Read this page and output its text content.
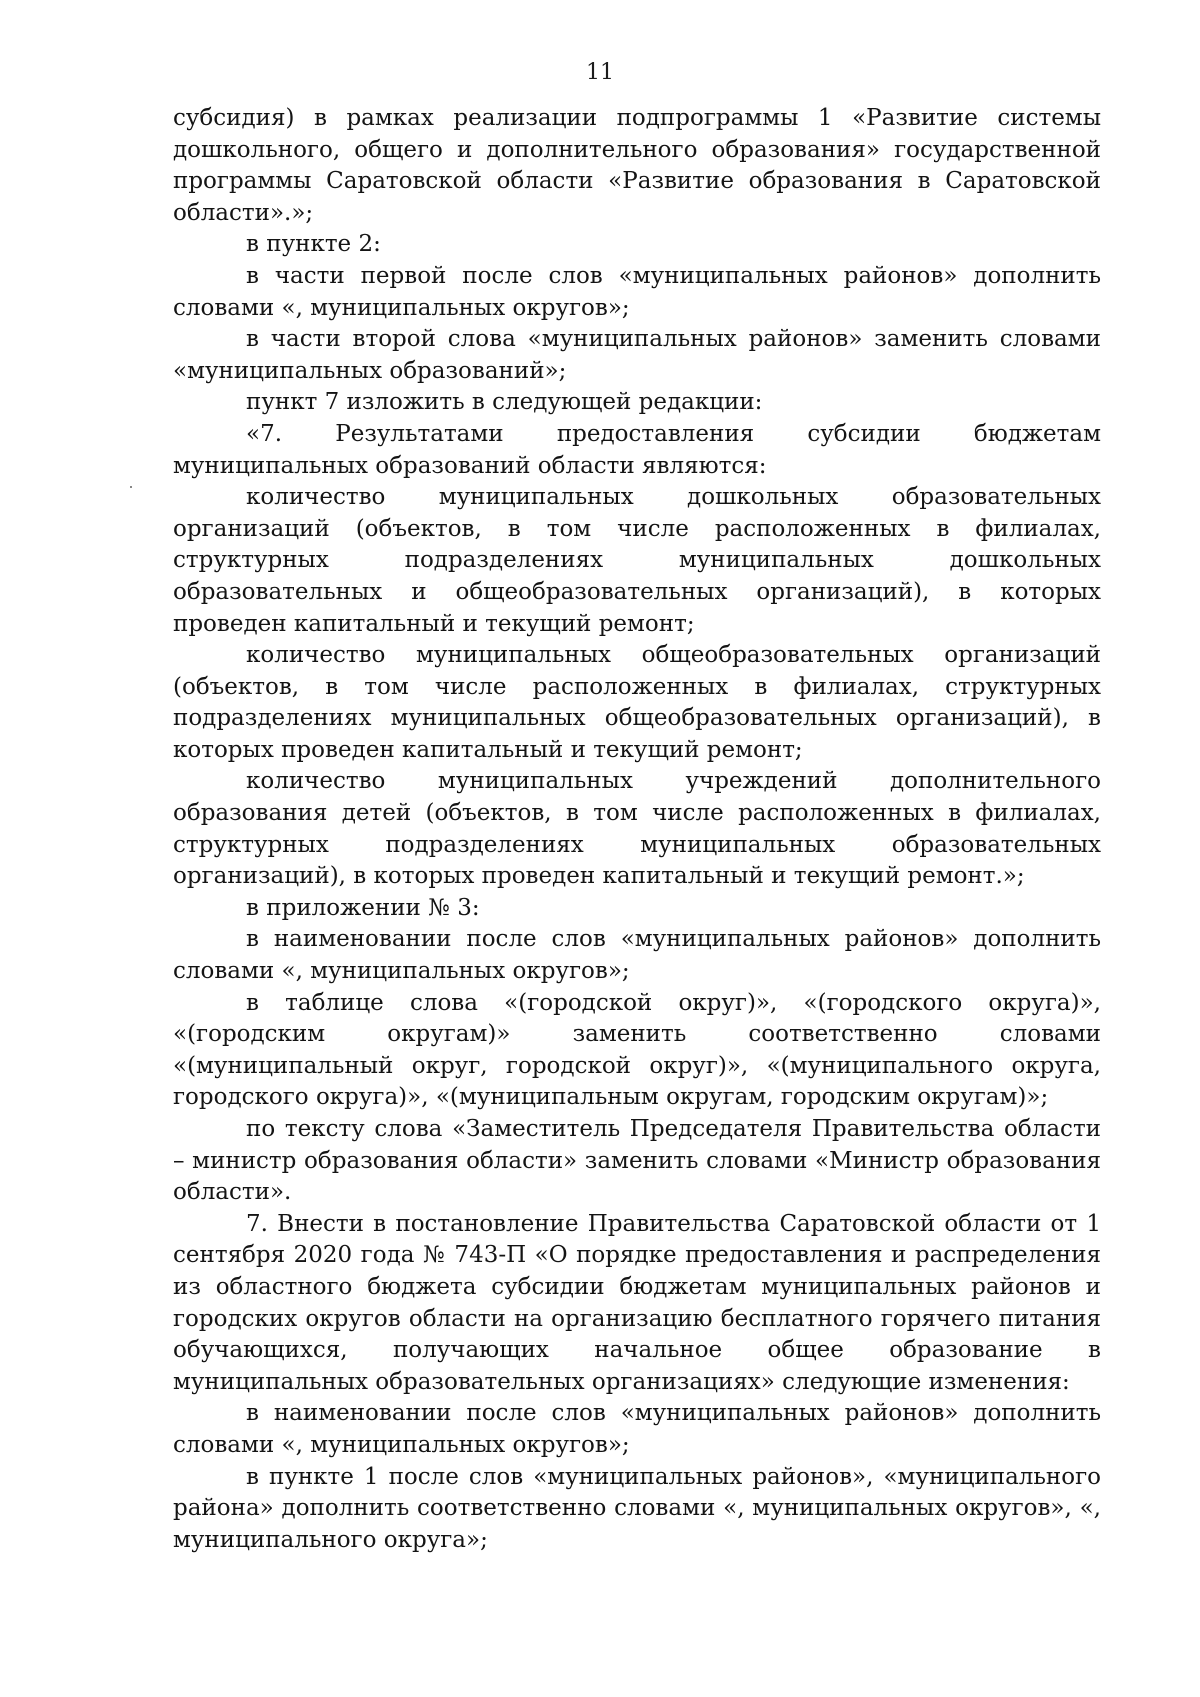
11

субсидия) в рамках реализации подпрограммы 1 «Развитие системы дошкольного, общего и дополнительного образования» государственной программы Саратовской области «Развитие образования в Саратовской области».»;

в пункте 2:

в части первой после слов «муниципальных районов» дополнить словами «, муниципальных округов»;

в части второй слова «муниципальных районов» заменить словами «муниципальных образований»;

пункт 7 изложить в следующей редакции:

«7. Результатами предоставления субсидии бюджетам муниципальных образований области являются:

количество муниципальных дошкольных образовательных организаций (объектов, в том числе расположенных в филиалах, структурных подразделениях муниципальных дошкольных образовательных и общеобразовательных организаций), в которых проведен капитальный и текущий ремонт;

количество муниципальных общеобразовательных организаций (объектов, в том числе расположенных в филиалах, структурных подразделениях муниципальных общеобразовательных организаций), в которых проведен капитальный и текущий ремонт;

количество муниципальных учреждений дополнительного образования детей (объектов, в том числе расположенных в филиалах, структурных подразделениях муниципальных образовательных организаций), в которых проведен капитальный и текущий ремонт.»;

в приложении № 3:

в наименовании после слов «муниципальных районов» дополнить словами «, муниципальных округов»;

в таблице слова «(городской округ)», «(городского округа)», «(городским округам)» заменить соответственно словами «(муниципальный округ, городской округ)», «(муниципального округа, городского округа)», «(муниципальным округам, городским округам)»;

по тексту слова «Заместитель Председателя Правительства области – министр образования области» заменить словами «Министр образования области».

7. Внести в постановление Правительства Саратовской области от 1 сентября 2020 года № 743-П «О порядке предоставления и распределения из областного бюджета субсидии бюджетам муниципальных районов и городских округов области на организацию бесплатного горячего питания обучающихся, получающих начальное общее образование в муниципальных образовательных организациях» следующие изменения:

в наименовании после слов «муниципальных районов» дополнить словами «, муниципальных округов»;

в пункте 1 после слов «муниципальных районов», «муниципального района» дополнить соответственно словами «, муниципальных округов», «, муниципального округа»;
